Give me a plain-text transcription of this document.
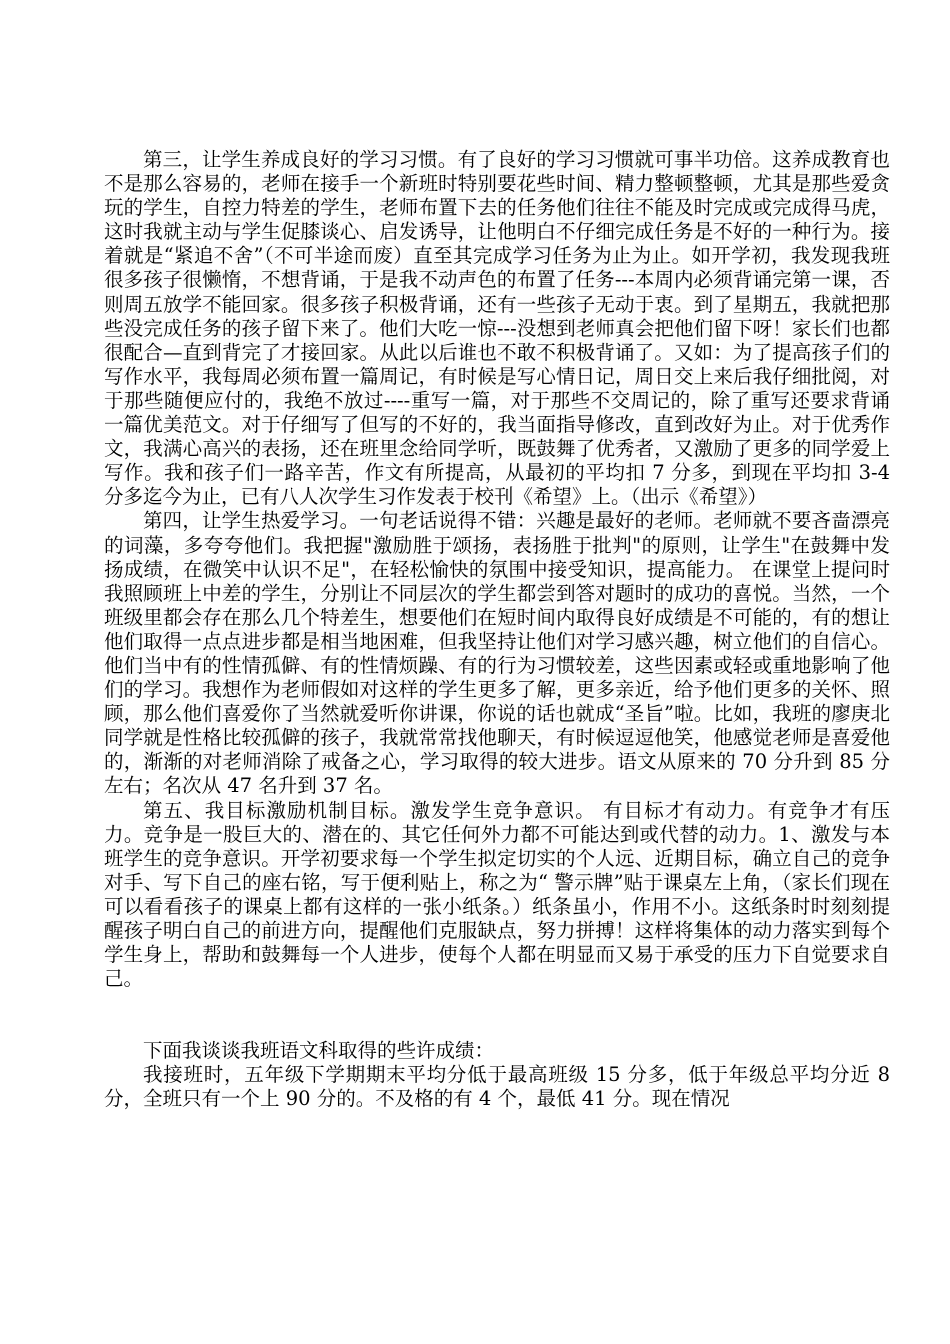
第三，让学生养成良好的学习习惯。有了良好的学习习惯就可事半功倍。这养成教育也不是那么容易的，老师在接手一个新班时特别要花些时间、精力整顿整顿，尤其是那些爱贪玩的学生，自控力特差的学生，老师布置下去的任务他们往往不能及时完成或完成得马虎，这时我就主动与学生促膝谈心、启发诱导，让他明白不仔细完成任务是不好的一种行为。接着就是“紧追不舍”（不可半途而废）直至其完成学习任务为止为止。如开学初，我发现我班很多孩子很懒惰，不想背诵，于是我不动声色的布置了任务---本周内必须背诵完第一课，否则周五放学不能回家。很多孩子积极背诵，还有一些孩子无动于衷。到了星期五，我就把那些没完成任务的孩子留下来了。他们大吃一惊---没想到老师真会把他们留下呀！家长们也都很配合—直到背完了才接回家。从此以后谁也不敢不积极背诵了。又如：为了提高孩子们的写作水平，我每周必须布置一篇周记，有时候是写心情日记，周日交上来后我仔细批阅，对于那些随便应付的，我绝不放过----重写一篇，对于那些不交周记的，除了重写还要求背诵一篇优美范文。对于仔细写了但写的不好的，我当面指导修改，直到改好为止。对于优秀作文，我满心高兴的表扬，还在班里念给同学听，既鼓舞了优秀者，又激励了更多的同学爱上写作。我和孩子们一路辛苦，作文有所提高，从最初的平均扣 7 分多，到现在平均扣 3-4 分多迄今为止，已有八人次学生习作发表于校刊《希望》上。（出示《希望》）

第四，让学生热爱学习。一句老话说得不错：兴趣是最好的老师。老师就不要吝啬漂亮的词藻，多夸夸他们。我把握"激励胜于颂扬，表扬胜于批判"的原则，让学生"在鼓舞中发扬成绩，在微笑中认识不足"，在轻松愉快的氛围中接受知识，提高能力。 在课堂上提问时我照顾班上中差的学生，分别让不同层次的学生都尝到答对题时的成功的喜悦。当然，一个班级里都会存在那么几个特差生，想要他们在短时间内取得良好成绩是不可能的，有的想让他们取得一点点进步都是相当地困难，但我坚持让他们对学习感兴趣，树立他们的自信心。他们当中有的性情孤僻、有的性情烦躁、有的行为习惯较差，这些因素或轻或重地影响了他们的学习。我想作为老师假如对这样的学生更多了解，更多亲近，给予他们更多的关怀、照顾，那么他们喜爱你了当然就爱听你讲课，你说的话也就成“圣旨”啦。比如，我班的廖庚北同学就是性格比较孤僻的孩子，我就常常找他聊天，有时候逗逗他笑，他感觉老师是喜爱他的，渐渐的对老师消除了戒备之心，学习取得的较大进步。语文从原来的 70 分升到 85 分左右；名次从 47 名升到 37 名。

第五、我目标激励机制目标。激发学生竞争意识。 有目标才有动力。有竞争才有压力。竞争是一股巨大的、潜在的、其它任何外力都不可能达到或代替的动力。1、激发与本班学生的竞争意识。开学初要求每一个学生拟定切实的个人远、近期目标，确立自己的竞争对手、写下自己的座右铭，写于便利贴上，称之为“ 警示牌”贴于课桌左上角，（家长们现在可以看看孩子的课桌上都有这样的一张小纸条。）纸条虽小，作用不小。这纸条时时刻刻提醒孩子明白自己的前进方向，提醒他们克服缺点，努力拼搏！这样将集体的动力落实到每个学生身上，帮助和鼓舞每一个人进步，使每个人都在明显而又易于承受的压力下自觉要求自己。

下面我谈谈我班语文科取得的些许成绩：

我接班时，五年级下学期期末平均分低于最高班级 15 分多，低于年级总平均分近 8 分，全班只有一个上 90 分的。不及格的有 4 个，最低 41 分。现在情况
